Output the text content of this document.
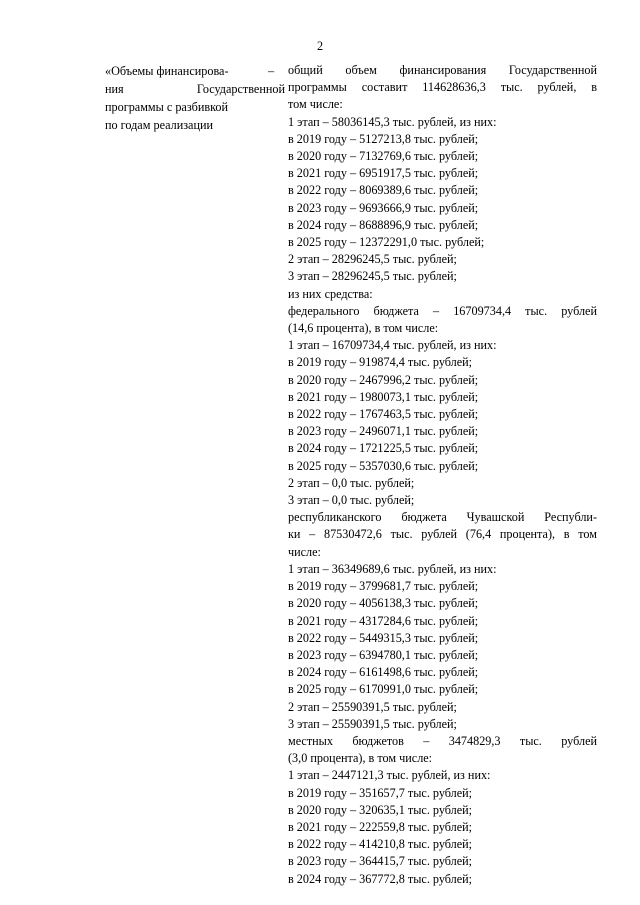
2
«Объемы финансирова-
ния	Государственной
программы с разбивкой
по годам реализации
– общий объем финансирования Государственной
программы составит 114628636,3 тыс. рублей, в
том числе:
1 этап – 58036145,3 тыс. рублей, из них:
в 2019 году – 5127213,8 тыс. рублей;
в 2020 году – 7132769,6 тыс. рублей;
в 2021 году – 6951917,5 тыс. рублей;
в 2022 году – 8069389,6 тыс. рублей;
в 2023 году – 9693666,9 тыс. рублей;
в 2024 году – 8688896,9 тыс. рублей;
в 2025 году – 12372291,0 тыс. рублей;
2 этап – 28296245,5 тыс. рублей;
3 этап – 28296245,5 тыс. рублей;
из них средства:
федерального бюджета – 16709734,4 тыс. рублей
(14,6 процента), в том числе:
1 этап – 16709734,4 тыс. рублей, из них:
в 2019 году – 919874,4 тыс. рублей;
в 2020 году – 2467996,2 тыс. рублей;
в 2021 году – 1980073,1 тыс. рублей;
в 2022 году – 1767463,5 тыс. рублей;
в 2023 году – 2496071,1 тыс. рублей;
в 2024 году – 1721225,5 тыс. рублей;
в 2025 году – 5357030,6 тыс. рублей;
2 этап – 0,0 тыс. рублей;
3 этап – 0,0 тыс. рублей;
республиканского бюджета Чувашской Республи-
ки – 87530472,6 тыс. рублей (76,4 процента), в том
числе:
1 этап – 36349689,6 тыс. рублей, из них:
в 2019 году – 3799681,7 тыс. рублей;
в 2020 году – 4056138,3 тыс. рублей;
в 2021 году – 4317284,6 тыс. рублей;
в 2022 году – 5449315,3 тыс. рублей;
в 2023 году – 6394780,1 тыс. рублей;
в 2024 году – 6161498,6 тыс. рублей;
в 2025 году – 6170991,0 тыс. рублей;
2 этап – 25590391,5 тыс. рублей;
3 этап – 25590391,5 тыс. рублей;
местных бюджетов – 3474829,3 тыс. рублей
(3,0 процента), в том числе:
1 этап – 2447121,3 тыс. рублей, из них:
в 2019 году – 351657,7 тыс. рублей;
в 2020 году – 320635,1 тыс. рублей;
в 2021 году – 222559,8 тыс. рублей;
в 2022 году – 414210,8 тыс. рублей;
в 2023 году – 364415,7 тыс. рублей;
в 2024 году – 367772,8 тыс. рублей;
